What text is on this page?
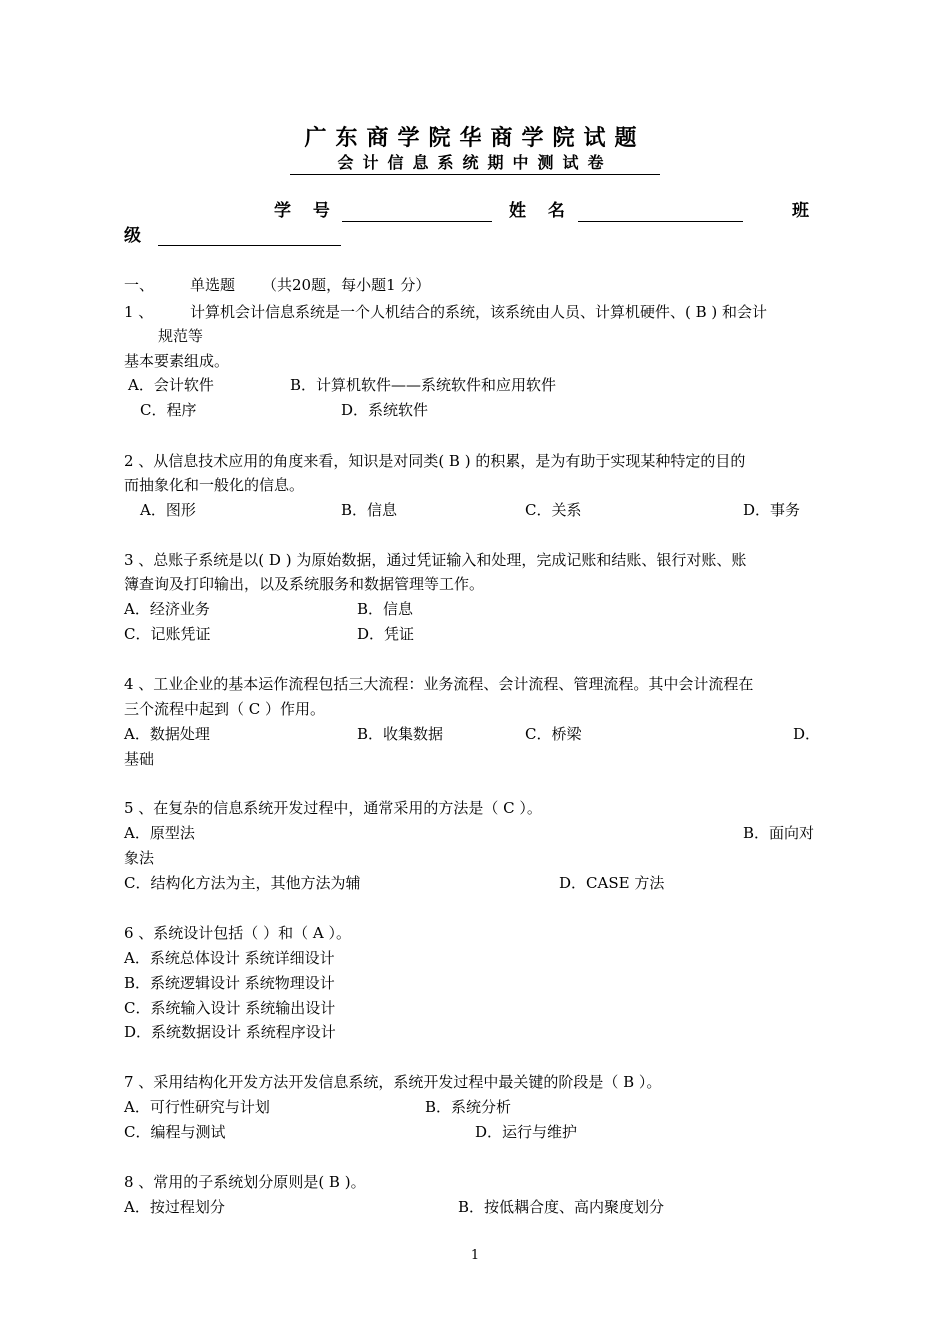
广东商学院华商学院试题
会计信息系统期中测试卷
学 号	姓 名	班
级
一、 单选题 （共20题，每小题1 分）
1 、 计算机会计信息系统是一个人机结合的系统，该系统由人员、计算机硬件、( B ) 和会计
规范等
基本要素组成。
A．会计软件	B．计算机软件——系统软件和应用软件
C．程序	D．系统软件
2 、从信息技术应用的角度来看，知识是对同类( B ) 的积累，是为有助于实现某种特定的目的
而抽象化和一般化的信息。
A．图形	B．信息	C．关系	D．事务
3 、总账子系统是以( D ) 为原始数据，通过凭证输入和处理，完成记账和结账、银行对账、账
簿查询及打印输出，以及系统服务和数据管理等工作。
A．经济业务	B．信息
C．记账凭证	D．凭证
4 、工业企业的基本运作流程包括三大流程：业务流程、会计流程、管理流程。其中会计流程在
三个流程中起到（ C ）作用。
A．数据处理	B．收集数据	C．桥梁	D．
基础
5 、在复杂的信息系统开发过程中，通常采用的方法是（ C ）。
A．原型法	B．面向对
象法
C．结构化方法为主，其他方法为辅	D．CASE 方法
6 、系统设计包括（ ）和（ A ）。
A．系统总体设计 系统详细设计
B．系统逻辑设计 系统物理设计
C．系统输入设计 系统输出设计
D．系统数据设计 系统程序设计
7 、采用结构化开发方法开发信息系统，系统开发过程中最关键的阶段是（ B ）。
A．可行性研究与计划	B．系统分析
C．编程与测试	D．运行与维护
8 、常用的子系统划分原则是( B )。
A．按过程划分	B．按低耦合度、高内聚度划分
1
